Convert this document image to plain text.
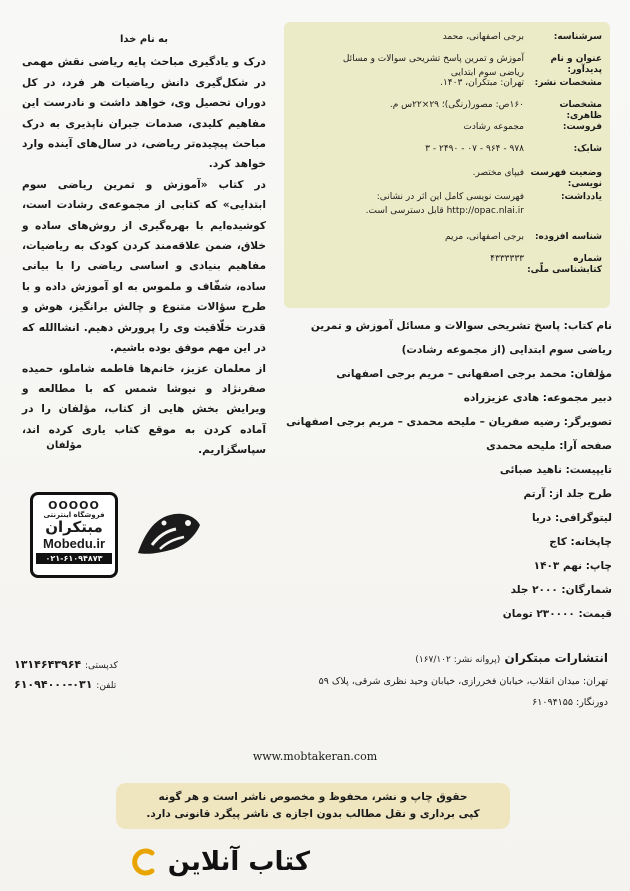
سرشناسه:
برجی اصفهانی، محمد
عنوان و نام پدیدآور:
آموزش و تمرین پاسخ تشریحی سوالات و مسائل
ریاضی سوم ابتدایی
مشخصات نشر:
تهران: مبتکران، ۱۴۰۳.
مشخصات ظاهری:
۱۶۰ص: مصور(رنگی)؛ ۲۹×۲۲س م.
فروست:
مجموعه رشادت
شابک:
۹۷۸ - ۹۶۴ - ۰۷ - ۲۴۹۰ - ۳
وضعیت فهرست نویسی:
فیپای مختصر.
یادداشت:
فهرست نویسی کامل این اثر در نشانی:
http://opac.nlai.ir قابل دسترسی است.
شناسه افزوده:
برجی اصفهانی، مریم
شماره کتابشناسی ملّی:
۴۳۳۳۳۳۳
به نام خدا
درک و یادگیری مباحث پایه ریاضی نقش مهمی در شکل‌گیری دانش ریاضیات هر فرد، در کل دوران تحصیل وی، خواهد داشت و نادرست این مفاهیم کلیدی، صدمات جبران ناپذیری به درک مباحث پیچیده‌تر ریاضی، در سال‌های آینده وارد خواهد کرد.
در کتاب «آموزش و تمرین ریاضی سوم ابتدایی» که کتابی از مجموعه‌ی رشادت است، کوشیده‌ایم با بهره‌گیری از روش‌های ساده و خلاق، ضمن علاقه‌مند کردن کودک به ریاضیات، مفاهیم بنیادی و اساسی ریاضی را با بیانی ساده، شفّاف و ملموس به او آموزش داده و با طرح سؤالات متنوع و چالش برانگیز، هوش و قدرت خلّاقیت وی را پرورش دهیم. انشاالله که در این مهم موفق بوده باشیم.
از معلمان عزیز، خانم‌ها فاطمه شاملو، حمیده صفرنژاد و نیوشا شمس که با مطالعه و ویرایش بخش هایی از کتاب، مؤلفان را در آماده کردن به موقع کتاب یاری کرده اند، سپاسگزاریم.
مؤلفان
OOOOO
فروشگاه اینترنتی
مبتکران
Mobedu.ir
۰۲۱-۶۱۰۹۴۸۷۳
نام کتاب: پاسخ تشریحی سوالات و مسائل آموزش و تمرین
ریاضی سوم ابتدایی (از مجموعه رشادت)
مؤلفان: محمد برجی اصفهانی – مریم برجی اصفهانی
دبیر مجموعه: هادی عزیزراده
تصویرگر: رضیه صفریان – ملیحه محمدی – مریم برجی اصفهانی
صفحه آرا: ملیحه محمدی
تایپیست: ناهید صبائی
طرح جلد از: آرتم
لیتوگرافی: دریا
چاپخانه: کاج
چاپ: نهم ۱۴۰۳
شمارگان: ۲۰۰۰ جلد
قیمت: ۲۳۰۰۰۰ تومان
انتشارات مبتکران (پروانه نشر: ۱۶۷/۱۰۲)
تهران: میدان انقلاب، خیابان فخررازی، خیابان وحید نظری شرقی، پلاک ۵۹
دورنگار: ۶۱۰۹۴۱۵۵
کدپستی: ۱۳۱۴۶۴۳۹۶۴
تلفن: ۰۳۱-۶۱۰۹۴۰۰۰
www.mobtakeran.com
حقوق چاپ و نشر، محفوظ و مخصوص ناشر است و هر گونه
کپی برداری و نقل مطالب بدون اجازه ی ناشر پیگرد قانونی دارد.
کتاب آنلاین
